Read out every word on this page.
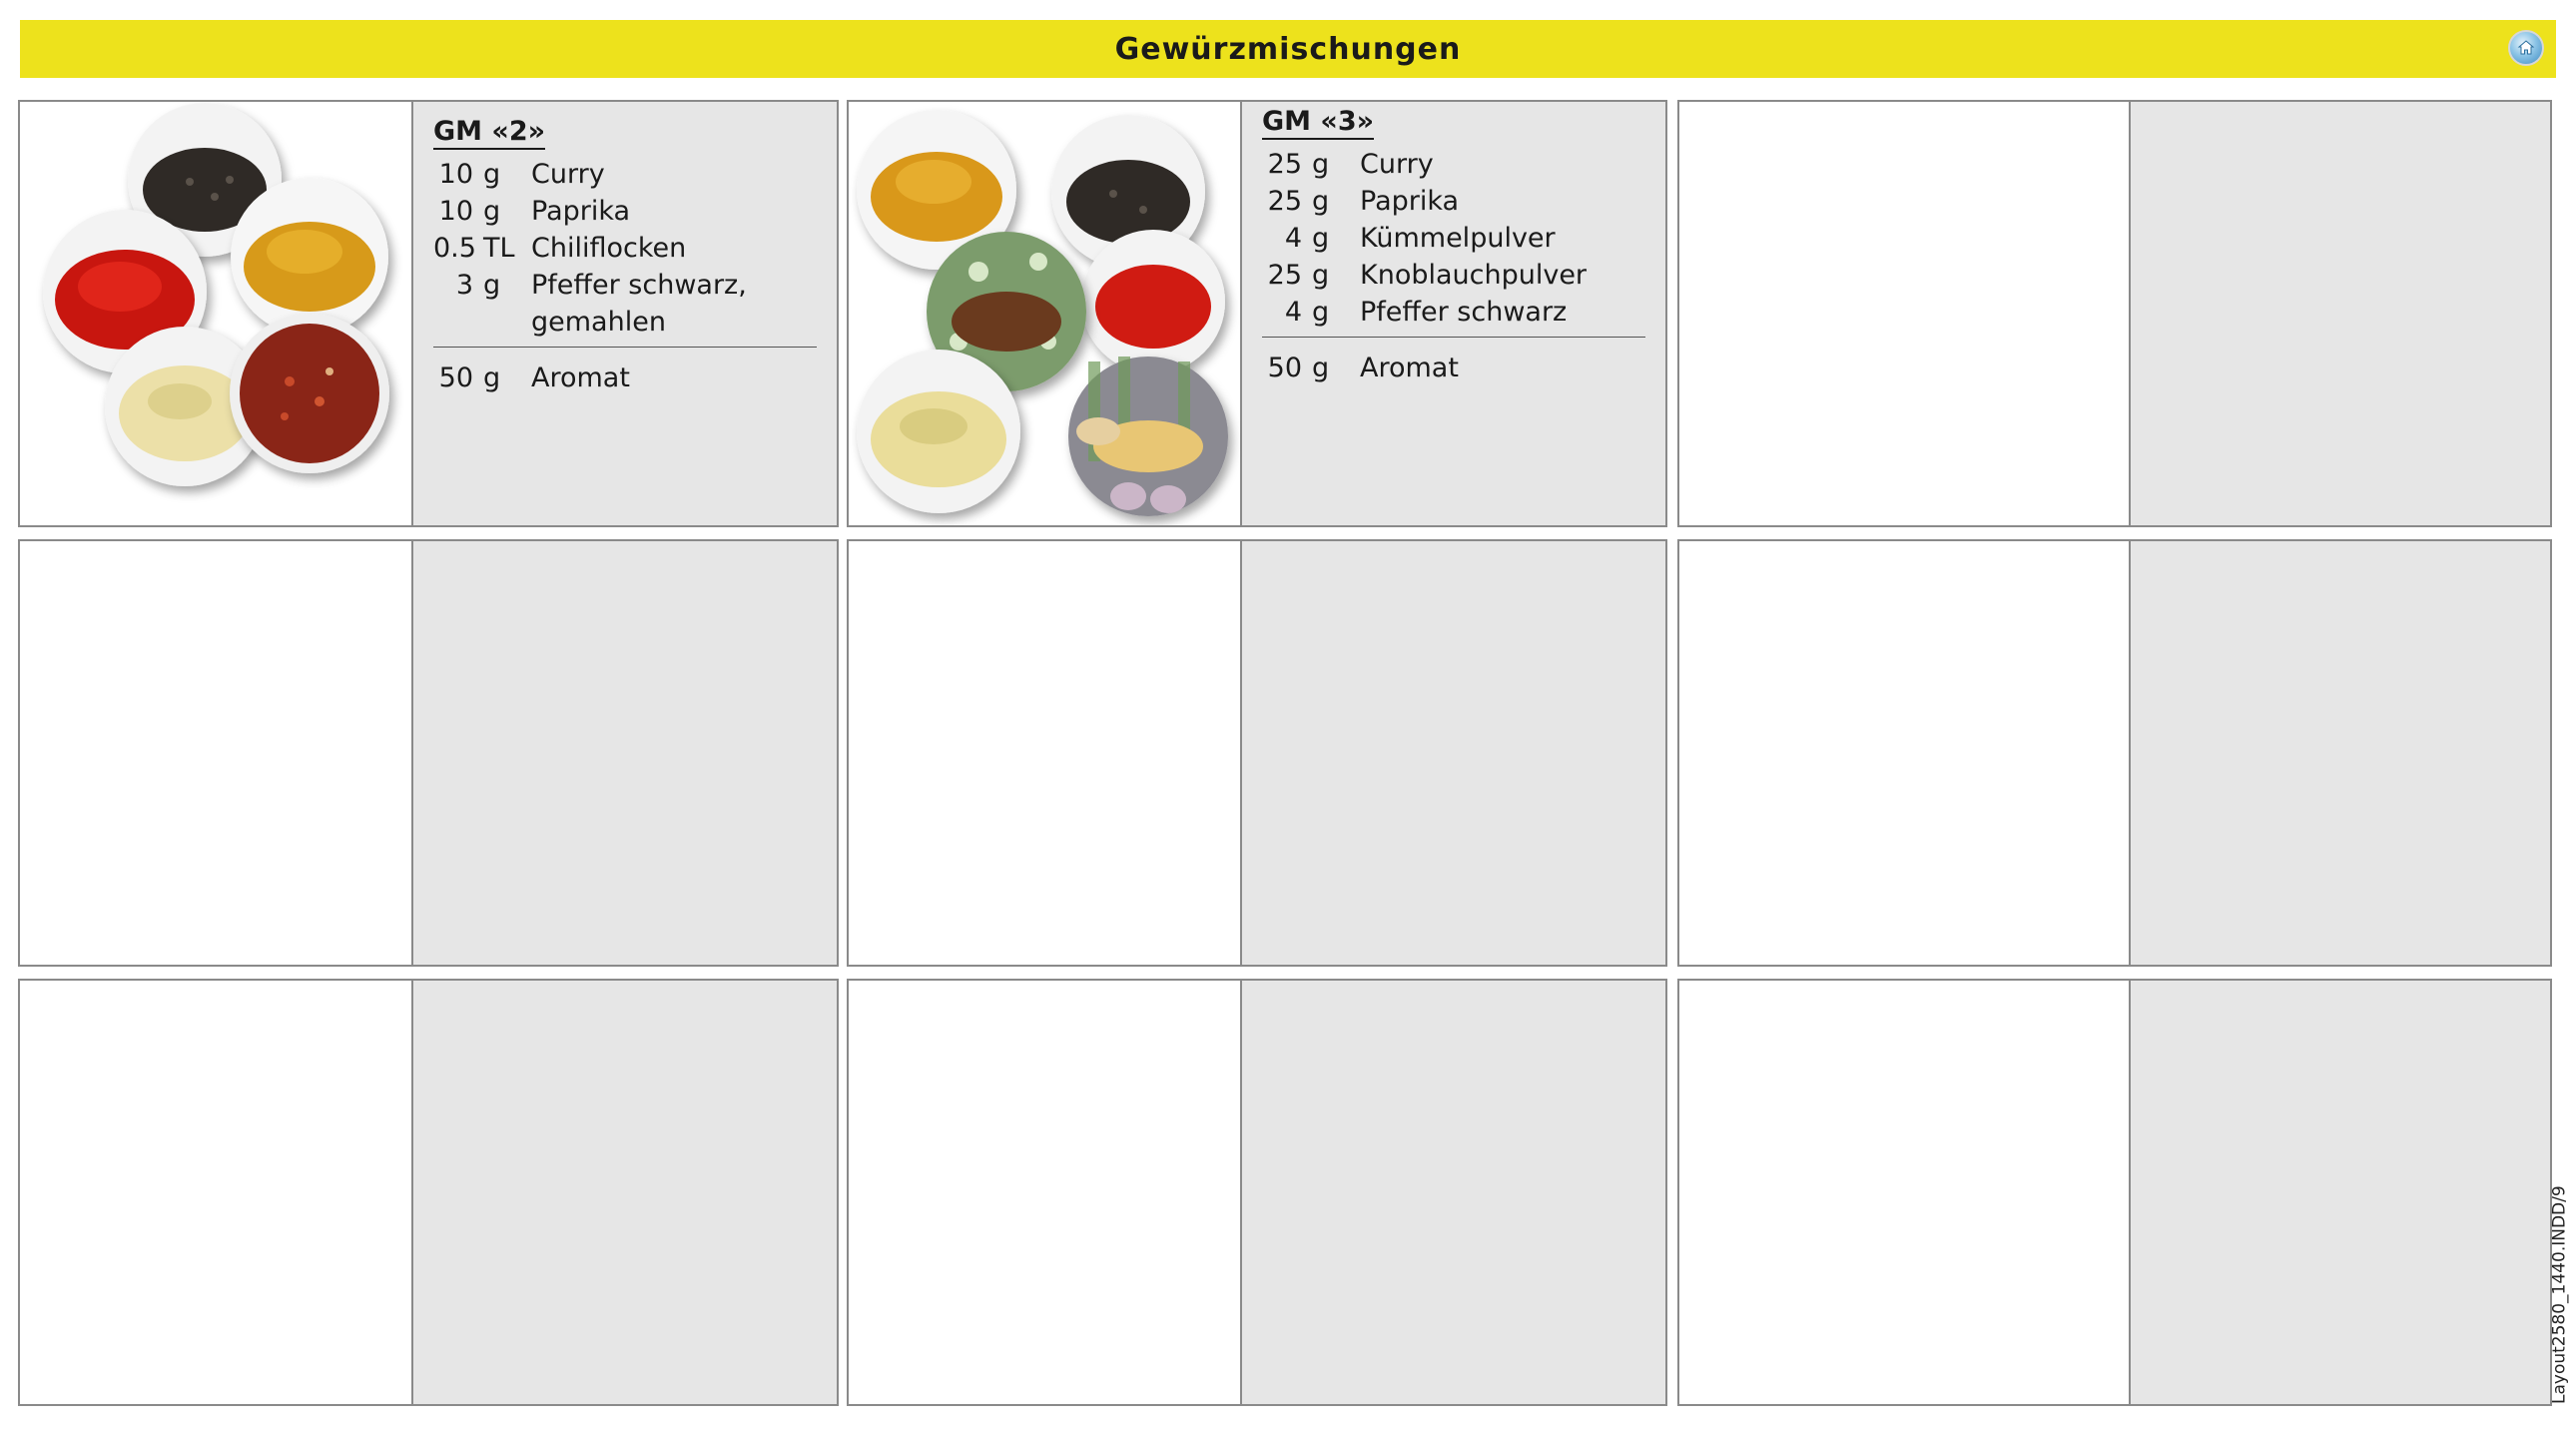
Gewürzmischungen
GM «2»
10 g	Curry
10 g	Paprika
0.5 TL Chiliflocken
3 g	Pfeffer schwarz,
gemahlen
50 g	Aromat
GM «3»
25 g	Curry
25 g	Paprika
4 g	Kümmelpulver
25 g	Knoblauchpulver
4 g	Pfeffer schwarz
50 g	Aromat
Layout2580_1440.INDD/9
